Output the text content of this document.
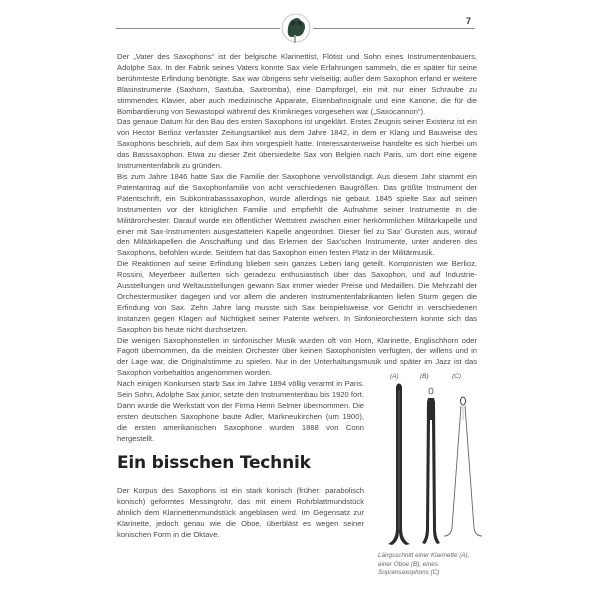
7

Der „Vater des Saxophons“ ist der belgische Klarinettist, Flötist und Sohn eines Instrumentenbauers, Adolphe Sax. In der Fabrik seines Vaters konnte Sax viele Erfahrungen sammeln, die er später für seine berühmteste Erfindung benötigte. Sax war übrigens sehr vielseitig: außer dem Saxophon erfand er weitere Blasinstrumente (Saxhorn, Saxtuba, Saxtromba), eine Dampforgel, ein mit nur einer Schraube zu stimmendes Klavier, aber auch medizinische Apparate, Eisenbahnsignale und eine Kanone, die für die Bombardierung von Sewastopol während des Krimkrieges vorgesehen war („Saxocannon“).

Das genaue Datum für den Bau des ersten Saxophons ist ungeklärt. Erstes Zeugnis seiner Existenz ist ein von Hector Berlioz verfasster Zeitungsartikel aus dem Jahre 1842, in dem er Klang und Bauweise des Saxophons beschrieb, auf dem Sax ihm vorgespielt hatte. Interessanterweise handelte es sich hierbei um das Basssaxophon. Etwa zu dieser Zeit übersiedelte Sax von Belgien nach Paris, um dort eine eigene Instrumentenfabrik zu gründen.

Bis zum Jahre 1846 hatte Sax die Familie der Saxophone vervollständigt. Aus diesem Jahr stammt ein Patentantrag auf die Saxophonfamilie von acht verschiedenen Baugrößen. Das größte Instrument der Patentschrift, ein Subkontrabasssaxophon, wurde allerdings nie gebaut. 1845 spielte Sax auf seinen Instrumenten vor der königlichen Familie und empfiehlt die Aufnahme seiner Instrumente in die Militärorchester. Darauf wurde ein öffentlicher Wettstreit zwischen einer herkömmlichen Militärkapelle und einer mit Sax-Instrumenten ausgestatteten Kapelle angeordnet. Dieser fiel zu Sax’ Gunsten aus, worauf den Militärkapellen die Anschaffung und das Erlernen der Sax’schen Instrumente, unter anderen des Saxophons, befohlen wurde. Seitdem hat das Saxophon einen festen Platz in der Militärmusik.

Die Reaktionen auf seine Erfindung blieben sein ganzes Leben lang geteilt. Komponisten wie Berlioz, Rossini, Meyerbeer äußerten sich geradezu enthusiastisch über das Saxophon, und auf Industrie-Ausstellungen und Weltausstellungen gewann Sax immer wieder Preise und Medaillen. Die Mehrzahl der Orchestermusiker dagegen und vor allem die anderen Instrumentenfabrikanten liefen Sturm gegen die Erfindung von Sax. Zehn Jahre lang musste sich Sax beispielsweise vor Gericht in verschiedenen Instanzen gegen Klagen auf Nichtigkeit seiner Patente wehren. In Sinfonieorchestern konnte sich das Saxophon bis heute nicht durchsetzen.

Die wenigen Saxophonstellen in sinfonischer Musik wurden oft von Horn, Klarinette, Englischhorn oder Fagott übernommen, da die meisten Orchester über keinen Saxophonisten verfügten, der willens und in der Lage war, die Originalstimme zu spielen. Nur in der Unterhaltungsmusik und später im Jazz ist das Saxophon vorbehaltlos angenommen worden.

Nach einigen Konkursen starb Sax im Jahre 1894 völlig verarmt in Paris. Sein Sohn, Adolphe Sax junior, setzte den Instrumentenbau bis 1920 fort. Dann wurde die Werkstatt von der Firma Henri Selmer übernommen. Die ersten deutschen Saxophone baute Adler, Markneukirchen (um 1900), die ersten amerikanischen Saxophone wurden 1888 von Conn hergestellt.

Ein bisschen Technik
Der Korpus des Saxophons ist ein stark konisch (früher: parabolisch konisch) geformtes Messingrohr, das mit einem Rohrblattmundstück ähnlich dem Klarinettenmundstück angeblasen wird. Im Gegensatz zur Klarinette, jedoch genau wie die Oboe, überbläst es wegen seiner konischen Form in die Oktave.
(A)	(B)	(C)
Längsschnitt einer Klarinette (A), einer Oboe (B), eines Sopransaxophons (C)
